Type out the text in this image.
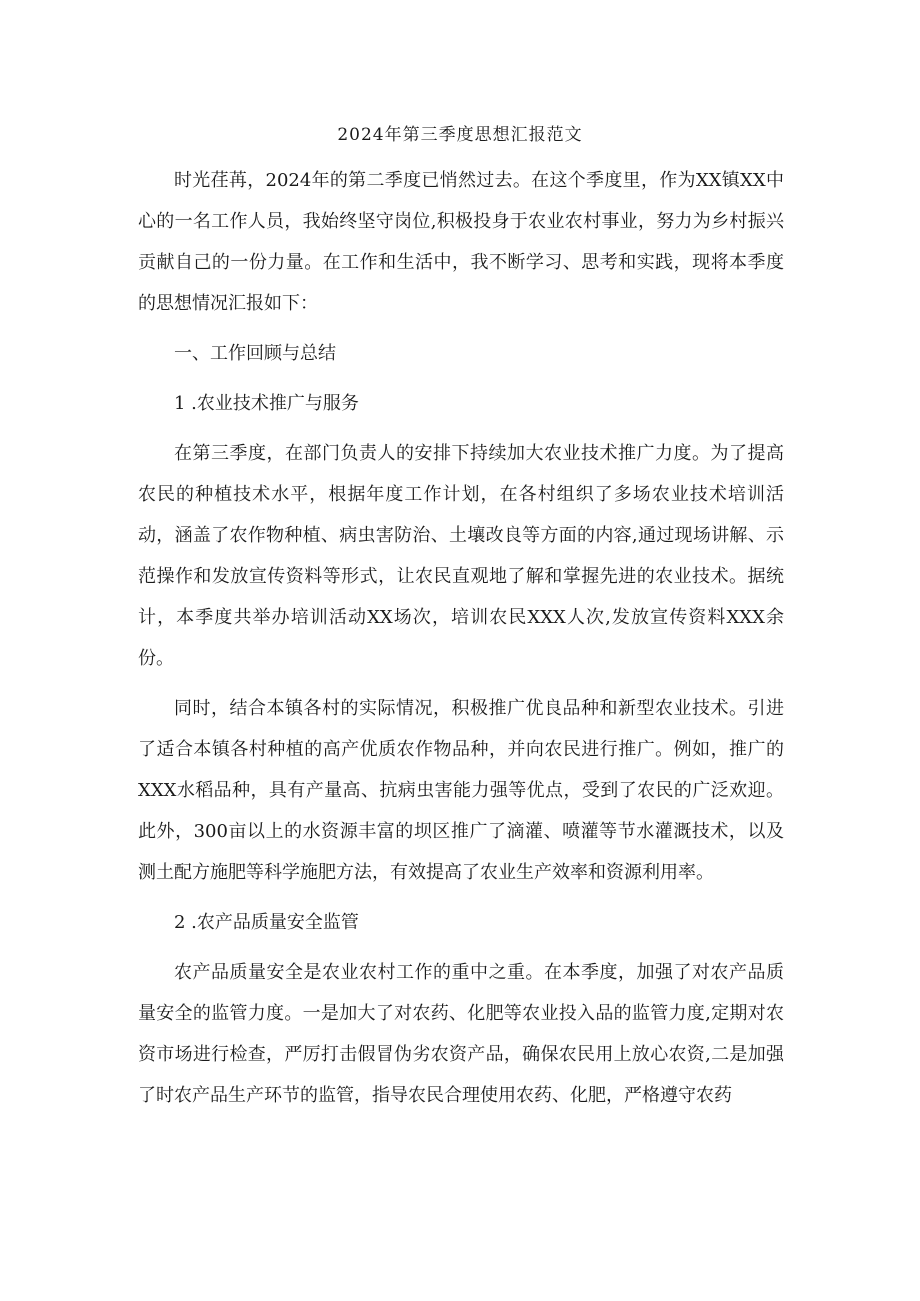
2024年第三季度思想汇报范文

时光荏苒，2024年的第二季度已悄然过去。在这个季度里，作为XX镇XX中心的一名工作人员，我始终坚守岗位,积极投身于农业农村事业，努力为乡村振兴贡献自己的一份力量。在工作和生活中，我不断学习、思考和实践，现将本季度的思想情况汇报如下：

一、工作回顾与总结

1 .农业技术推广与服务

在第三季度，在部门负责人的安排下持续加大农业技术推广力度。为了提高农民的种植技术水平，根据年度工作计划，在各村组织了多场农业技术培训活动，涵盖了农作物种植、病虫害防治、土壤改良等方面的内容,通过现场讲解、示范操作和发放宣传资料等形式，让农民直观地了解和掌握先进的农业技术。据统计，本季度共举办培训活动XX场次，培训农民XXX人次,发放宣传资料XXX余份。

同时，结合本镇各村的实际情况，积极推广优良品种和新型农业技术。引进了适合本镇各村种植的高产优质农作物品种，并向农民进行推广。例如，推广的XXX水稻品种，具有产量高、抗病虫害能力强等优点，受到了农民的广泛欢迎。此外，300亩以上的水资源丰富的坝区推广了滴灌、喷灌等节水灌溉技术，以及测土配方施肥等科学施肥方法，有效提高了农业生产效率和资源利用率。

2 .农产品质量安全监管

农产品质量安全是农业农村工作的重中之重。在本季度，加强了对农产品质量安全的监管力度。一是加大了对农药、化肥等农业投入品的监管力度,定期对农资市场进行检查，严厉打击假冒伪劣农资产品，确保农民用上放心农资,二是加强了时农产品生产环节的监管，指导农民合理使用农药、化肥，严格遵守农药
